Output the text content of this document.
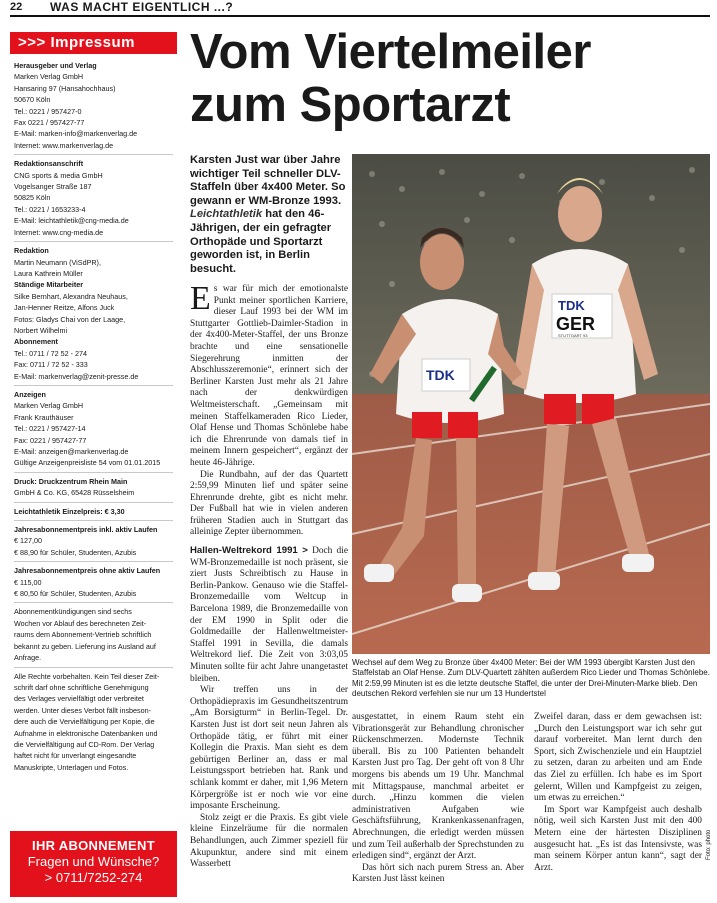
22 WAS MACHT EIGENTLICH ...?
>>> Impressum
Herausgeber und Verlag
Marken Verlag GmbH
Hansaring 97 (Hansahochhaus)
50670 Köln
Tel.: 0221 / 957427-0
Fax 0221 / 957427-77
E-Mail: marken-info@markenverlag.de
Internet: www.markenverlag.de
Redaktionsanschrift
CNG sports & media GmbH
Vogelsanger Straße 187
50825 Köln
Tel.: 0221 / 1653233-4
E-Mail: leichtathletik@cng-media.de
Internet: www.cng-media.de
Redaktion
Martin Neumann (ViSdPR),
Laura Kathrein Müller
Ständige Mitarbeiter
Silke Bernhart, Alexandra Neuhaus,
Jan-Henner Reitze, Alfons Juck
Fotos: Gladys Chai von der Laage,
Norbert Wilhelmi
Abonnement
Tel.: 0711 / 72 52 - 274
Fax: 0711 / 72 52 - 333
E-Mail: markenverlag@zenit-presse.de
Anzeigen
Marken Verlag GmbH
Frank Krauthäuser
Tel.: 0221 / 957427-14
Fax: 0221 / 957427-77
E-Mail: anzeigen@markenverlag.de
Gültige Anzeigenpreisliste 54 vom 01.01.2015
Druck: Druckzentrum Rhein Main
GmbH & Co. KG, 65428 Rüsselsheim
Leichtathletik Einzelpreis: € 3,30
Jahresabonnementpreis inkl. aktiv Laufen
€ 127,00
€ 88,90 für Schüler, Studenten, Azubis
Jahresabonnementpreis ohne aktiv Laufen
€ 115,00
€ 80,50 für Schüler, Studenten, Azubis
Abonnementkündigungen sind sechs
Wochen vor Ablauf des berechneten Zeit-
raums dem Abonnement-Vertrieb schriftlich
bekannt zu geben. Lieferung ins Ausland auf
Anfrage.
Alle Rechte vorbehalten. Kein Teil dieser Zeit-
schrift darf ohne schriftliche Genehmigung
des Verlages vervielfältigt oder verbreitet
werden. Unter dieses Verbot fällt insbeson-
dere auch die Vervielfältigung per Kopie, die
Aufnahme in elektronische Datenbanken und
die Vervielfältigung auf CD-Rom. Der Verlag
haftet nicht für unverlangt eingesandte
Manuskripte, Unterlagen und Fotos.
IHR ABONNEMENT
Fragen und Wünsche?
> 0711/7252-274
Vom Viertelmeiler
zum Sportarzt
Karsten Just war über Jahre wichtiger Teil schneller DLV-Staffeln über 4x400 Meter. So gewann er WM-Bronze 1993. Leichtathletik hat den 46-Jährigen, der ein gefragter Orthopäde und Sportarzt geworden ist, in Berlin besucht.

Es war für mich der emotionalste Punkt meiner sportlichen Karriere, dieser Lauf 1993 bei der WM im Stuttgarter Gottlieb-Daimler-Stadion in der 4x400-Meter-Staffel, der uns Bronze brachte und eine sensationelle Siegerehrung inmitten der Abschlusszeremonie“, erinnert sich der Berliner Karsten Just mehr als 21 Jahre nach der denkwürdigen Weltmeisterschaft. „Gemeinsam mit meinen Staffelkameraden Rico Lieder, Olaf Hense und Thomas Schönlebe habe ich die Ehrenrunde von damals tief in meinem Innern gespeichert“, ergänzt der heute 46-Jährige.

Die Rundbahn, auf der das Quartett 2:59,99 Minuten lief und später seine Ehrenrunde drehte, gibt es nicht mehr. Der Fußball hat wie in vielen anderen früheren Stadien auch in Stuttgart das alleinige Zepter übernommen.

Hallen-Weltrekord 1991 > Doch die WM-Bronzemedaille ist noch präsent, sie ziert Justs Schreibtisch zu Hause in Berlin-Pankow. Genauso wie die Staffel-Bronzemedaille vom Weltcup in Barcelona 1989, die Bronzemedaille von der EM 1990 in Split oder die Goldmedaille der Hallenweltmeister-Staffel 1991 in Sevilla, die damals Weltrekord lief. Die Zeit von 3:03,05 Minuten sollte für acht Jahre unangetastet bleiben.

Wir treffen uns in der Orthopädiepraxis im Gesundheitszentrum „Am Borsigturm“ in Berlin-Tegel. Dr. Karsten Just ist dort seit neun Jahren als Orthopäde tätig, er führt mit einer Kollegin die Praxis. Man sieht es dem gebürtigen Berliner an, dass er mal Leistungssport betrieben hat. Rank und schlank kommt er daher, mit 1,96 Metern Körpergröße ist er noch wie vor eine imposante Erscheinung.

Stolz zeigt er die Praxis. Es gibt viele kleine Einzelräume für die normalen Behandlungen, auch Zimmer speziell für Akupunktur, andere sind mit einem Wasserbett

TDK
GER
STUTTGART 93
TDK
Wechsel auf dem Weg zu Bronze über 4x400 Meter: Bei der WM 1993 übergibt Karsten Just den Staffelstab an Olaf Hense. Zum DLV-Quartett zählten außerdem Rico Lieder und Thomas Schönlebe. Mit 2:59,99 Minuten ist es die letzte deutsche Staffel, die unter der Drei-Minuten-Marke blieb. Den deutschen Rekord verfehlen sie nur um 13 Hundertstel

ausgestattet, in einem Raum steht ein Vibrationsgerät zur Behandlung chronischer Rückenschmerzen. Modernste Technik überall. Bis zu 100 Patienten behandelt Karsten Just pro Tag. Der geht oft von 8 Uhr morgens bis abends um 19 Uhr. Manchmal mit Mittagspause, manchmal arbeitet er durch. „Hinzu kommen die vielen administrativen Aufgaben wie Geschäftsführung, Krankenkassenanfragen, Abrechnungen, die erledigt werden müssen und zum Teil außerhalb der Sprechstunden zu erledigen sind“, ergänzt der Arzt.

Das hört sich nach purem Stress an. Aber Karsten Just lässt keinen

Zweifel daran, dass er dem gewachsen ist: „Durch den Leistungsport war ich sehr gut darauf vorbereitet. Man lernt durch den Sport, sich Zwischenziele und ein Hauptziel zu setzen, daran zu arbeiten und am Ende das Ziel zu erfüllen. Ich habe es im Sport gelernt, Willen und Kampfgeist zu zeigen, um etwas zu erreichen.“

Im Sport war Kampfgeist auch deshalb nötig, weil sich Karsten Just mit den 400 Metern eine der härtesten Disziplinen ausgesucht hat. „Es ist das Intensivste, was man seinem Körper antun kann“, sagt der Arzt.

Foto: photo
